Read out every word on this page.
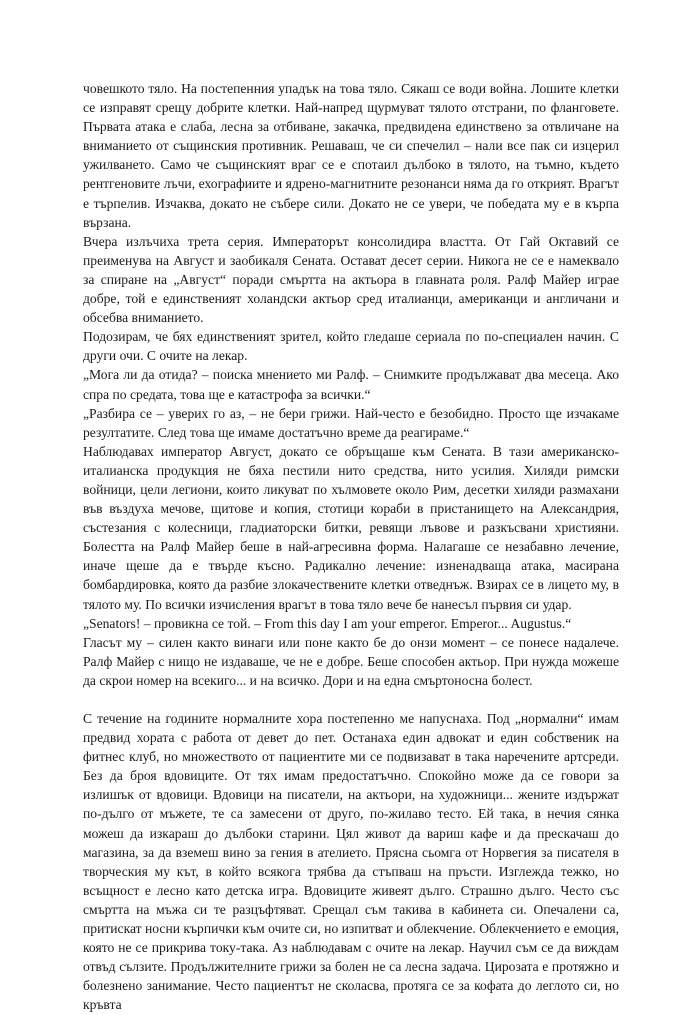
човешкото тяло. На постепенния упадък на това тяло. Сякаш се води война. Лошите клетки се изправят срещу добрите клетки. Най-напред щурмуват тялото отстрани, по фланговете. Първата атака е слаба, лесна за отбиване, закачка, предвидена единствено за отвличане на вниманието от същинския противник. Решаваш, че си спечелил – нали все пак си изцерил ужилването. Само че същинският враг се е спотаил дълбоко в тялото, на тъмно, където рентгеновите лъчи, ехографиите и ядрено-магнитните резонанси няма да го открият. Врагът е търпелив. Изчаква, докато не събере сили. Докато не се увери, че победата му е в кърпа вързана.

Вчера излъчиха трета серия. Императорът консолидира властта. От Гай Октавий се преименува на Август и заобикаля Сената. Остават десет серии. Никога не се е намеквало за спиране на „Август“ поради смъртта на актьора в главната роля. Ралф Майер играе добре, той е единственият холандски актьор сред италианци, американци и англичани и обсебва вниманието.

Подозирам, че бях единственият зрител, който гледаше сериала по по-специален начин. С други очи. С очите на лекар.

„Мога ли да отида? – поиска мнението ми Ралф. – Снимките продължават два месеца. Ако спра по средата, това ще е катастрофа за всички.“

„Разбира се – уверих го аз, – не бери грижи. Най-често е безобидно. Просто ще изчакаме резултатите. След това ще имаме достатъчно време да реагираме.“

Наблюдавах император Август, докато се обръщаше към Сената. В тази американско-италианска продукция не бяха пестили нито средства, нито усилия. Хиляди римски войници, цели легиони, които ликуват по хълмовете около Рим, десетки хиляди размахани във въздуха мечове, щитове и копия, стотици кораби в пристанището на Александрия, състезания с колесници, гладиаторски битки, ревящи лъвове и разкъсвани християни. Болестта на Ралф Майер беше в най-агресивна форма. Налагаше се незабавно лечение, иначе щеше да е твърде късно. Радикално лечение: изненадваща атака, масирана бомбардировка, която да разбие злокачествените клетки отведнъж. Взирах се в лицето му, в тялото му. По всички изчисления врагът в това тяло вече бе нанесъл първия си удар.

„Senators! – провикна се той. – From this day I am your emperor. Emperor... Augustus.“

Гласът му – силен както винаги или поне както бе до онзи момент – се понесе надалече. Ралф Майер с нищо не издаваше, че не е добре. Беше способен актьор. При нужда можеше да скрои номер на всекиго... и на всичко. Дори и на една смъртоносна болест.

С течение на годините нормалните хора постепенно ме напуснаха. Под „нормални“ имам предвид хората с работа от девет до пет. Останаха един адвокат и един собственик на фитнес клуб, но множеството от пациентите ми се подвизават в така наречените артсреди. Без да броя вдовиците. От тях имам предостатъчно. Спокойно може да се говори за излишък от вдовици. Вдовици на писатели, на актьори, на художници... жените издържат по-дълго от мъжете, те са замесени от друго, по-жилаво тесто. Ей така, в нечия сянка можеш да изкараш до дълбоки старини. Цял живот да вариш кафе и да прескачаш до магазина, за да вземеш вино за гения в ателието. Прясна сьомга от Норвегия за писателя в творческия му кът, в който всякога трябва да стъпваш на пръсти. Изглежда тежко, но всъщност е лесно като детска игра. Вдовиците живеят дълго. Страшно дълго. Често със смъртта на мъжа си те разцъфтяват. Срещал съм такива в кабинета си. Опечалени са, притискат носни кърпички към очите си, но изпитват и облекчение. Облекчението е емоция, която не се прикрива току-така. Аз наблюдавам с очите на лекар. Научил съм се да виждам отвъд сълзите. Продължителните грижи за болен не са лесна задача. Цирозата е протяжно и болезнено занимание. Често пациентът не сколасва, протяга се за кофата до леглото си, но кръвта
